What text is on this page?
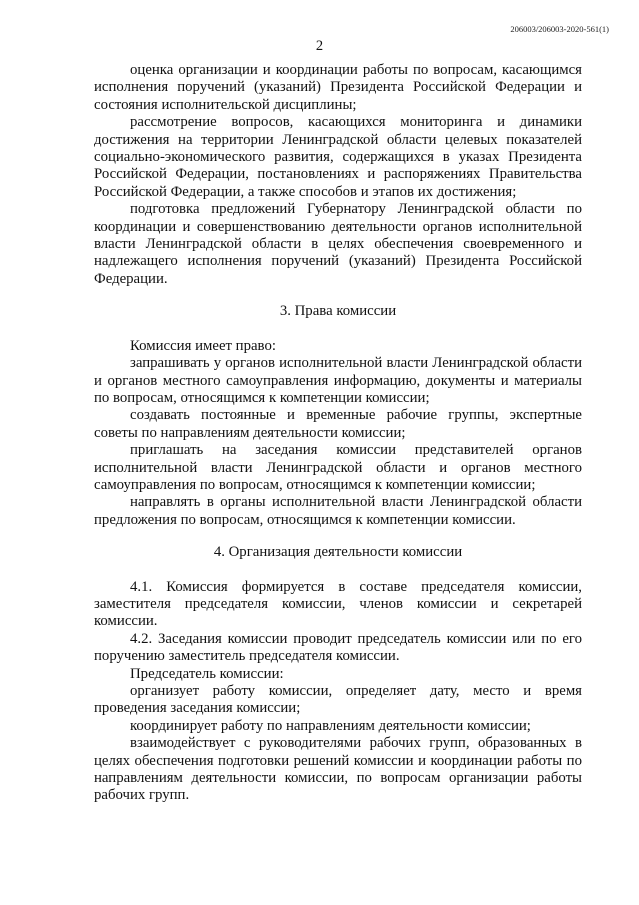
206003/206003-2020-561(1)
2

оценка организации и координации работы по вопросам, касающимся исполнения поручений (указаний) Президента Российской Федерации и состояния исполнительской дисциплины;

рассмотрение вопросов, касающихся мониторинга и динамики достижения на территории Ленинградской области целевых показателей социально-экономического развития, содержащихся в указах Президента Российской Федерации, постановлениях и распоряжениях Правительства Российской Федерации, а также способов и этапов их достижения;

подготовка предложений Губернатору Ленинградской области по координации и совершенствованию деятельности органов исполнительной власти Ленинградской области в целях обеспечения своевременного и надлежащего исполнения поручений (указаний) Президента Российской Федерации.

3. Права комиссии

Комиссия имеет право:

запрашивать у органов исполнительной власти Ленинградской области и органов местного самоуправления информацию, документы и материалы по вопросам, относящимся к компетенции комиссии;

создавать постоянные и временные рабочие группы, экспертные советы по направлениям деятельности комиссии;

приглашать на заседания комиссии представителей органов исполнительной власти Ленинградской области и органов местного самоуправления по вопросам, относящимся к компетенции комиссии;

направлять в органы исполнительной власти Ленинградской области предложения по вопросам, относящимся к компетенции комиссии.

4. Организация деятельности комиссии

4.1. Комиссия формируется в составе председателя комиссии, заместителя председателя комиссии, членов комиссии и секретарей комиссии.

4.2. Заседания комиссии проводит председатель комиссии или по его поручению заместитель председателя комиссии.

Председатель комиссии:

организует работу комиссии, определяет дату, место и время проведения заседания комиссии;

координирует работу по направлениям деятельности комиссии;

взаимодействует с руководителями рабочих групп, образованных в целях обеспечения подготовки решений комиссии и координации работы по направлениям деятельности комиссии, по вопросам организации работы рабочих групп.
